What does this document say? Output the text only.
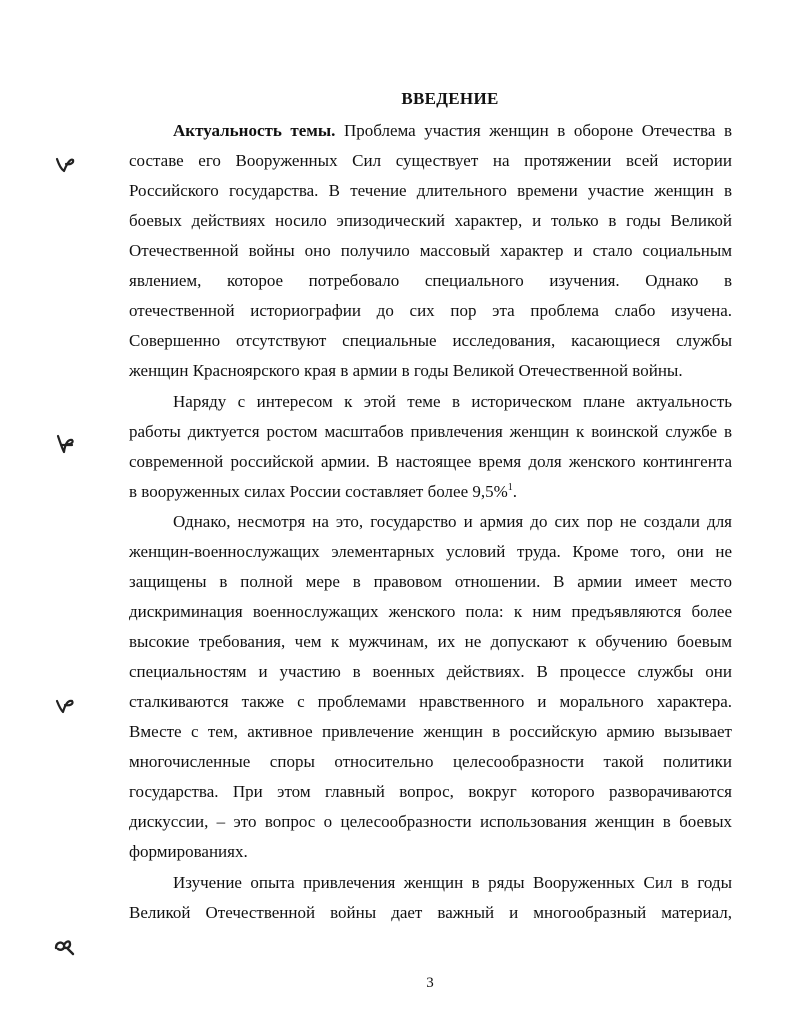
ВВЕДЕНИЕ
Актуальность темы. Проблема участия женщин в обороне Отечества в
составе его Вооруженных Сил существует на протяжении всей истории
Российского государства. В течение длительного времени участие женщин в
боевых действиях носило эпизодический характер, и только в годы Великой
Отечественной войны оно получило массовый характер и стало социальным
явлением, которое потребовало специального изучения. Однако в
отечественной историографии до сих пор эта проблема слабо изучена.
Совершенно отсутствуют специальные исследования, касающиеся службы
женщин Красноярского края в армии в годы Великой Отечественной войны.
Наряду с интересом к этой теме в историческом плане актуальность
работы диктуется ростом масштабов привлечения женщин к воинской службе в
современной российской армии. В настоящее время доля женского контингента
в вооруженных силах России составляет более 9,5%$^1$.
Однако, несмотря на это, государство и армия до сих пор не создали для
женщин-военнослужащих элементарных условий труда. Кроме того, они не
защищены в полной мере в правовом отношении. В армии имеет место
дискриминация военнослужащих женского пола: к ним предъявляются более
высокие требования, чем к мужчинам, их не допускают к обучению боевым
специальностям и участию в военных действиях. В процессе службы они
сталкиваются также с проблемами нравственного и морального характера.
Вместе с тем, активное привлечение женщин в российскую армию вызывает
многочисленные споры относительно целесообразности такой политики
государства. При этом главный вопрос, вокруг которого разворачиваются
дискуссии, – это вопрос о целесообразности использования женщин в боевых
формированиях.
Изучение опыта привлечения женщин в ряды Вооруженных Сил в годы
Великой Отечественной войны дает важный и многообразный материал,
3
